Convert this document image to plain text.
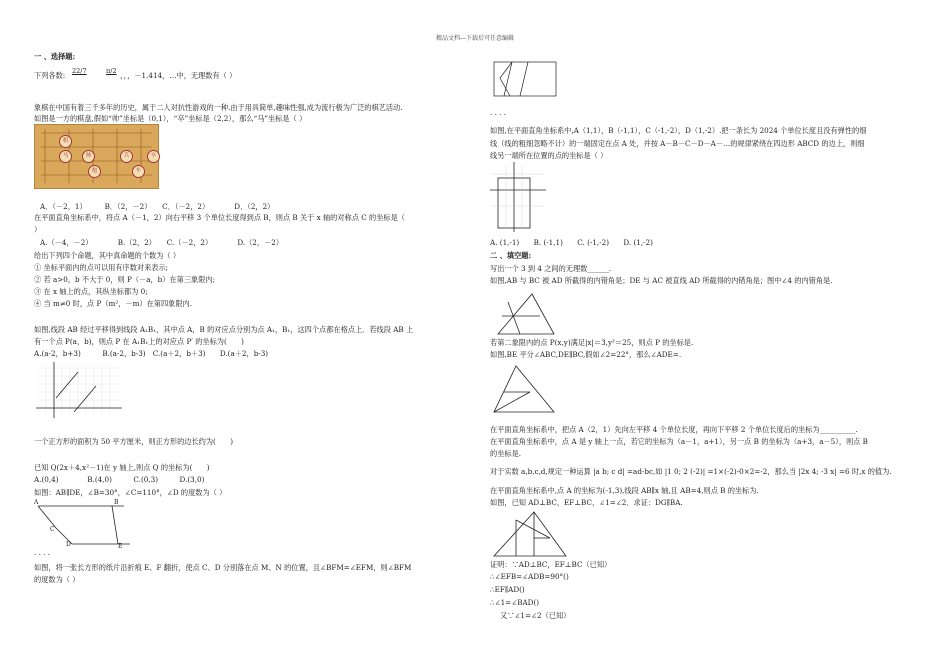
精品文档---下载后可任意编辑
一 、选择题:
下列各数: 22/7	π/2 ，，，－1.414，…中，无理数有（ ）
象棋在中国有着三千多年的历史，属于二人对抗性游戏的一种.由于用具简单,趣味性强,成为流行极为广泛的棋艺活动.
如图是一方的棋盘,假如“帅”坐标是（0,1），“卒”坐标是（2,2），那么“马”坐标是（ ）
相
马	帅	兵	卒
炮	车
A．（－2，1）　　　B．（2，－2）　　C．（－2，2）　　　　D．（2，2）
在平面直角坐标系中，将点 A（－1，2）向右平移 3 个单位长度得到点 B，则点 B 关于 x 轴的对称点 C 的坐标是（
）
A.（－4，－2）　　　　B.（2，2）　　C.（－2，2）　　　　D.（2，－2）
给出下列四个命题，其中真命题的个数为（ ）
① 坐标平面内的点可以用有序数对来表示;
② 若 a>0，b 不大于 0，则 P（－a，b）在第三象限内;
③ 在 x 轴上的点，其纵坐标都为 0;
④ 当 m≠0 时，点 P（m²，－m）在第四象限内.
如图,线段 AB 经过平移得到线段 A₁B₁，其中点 A，B 的对应点分别为点 A₁，B₁，这四个点都在格点上．若线段 AB 上
有一个点 P(a，b)，则点 P 在 A₁B₁上的对应点 P′ 的坐标为(　　)
A.(a-2，b+3)　　　B.(a-2，b-3)　C.(a＋2，b＋3)　　D.(a＋2，b-3)
一个正方形的面积为 50 平方厘米，则正方形的边长约为(　　)
已知 Q(2x＋4,x²－1)在 y 轴上,则点 Q 的坐标为(　　)
A.(0,4)　　　　B.(4,0)　　　C.(0,3)　　　D.(3,0)
如图：AB∥DE，∠B=30°，∠C=110°，∠D 的度数为（ ）
A	B
C
D	E
. . . .
如图，将一张长方形的纸片沿折痕 E、F 翻折，使点 C、D 分别落在点 M、N 的位置，且∠BFM=∠EFM，则∠BFM
的度数为（ ）
. . . .
如图,在平面直角坐标系中,A（1,1），B（-1,1），C（-1,-2），D（1,-2）.把一条长为 2024 个单位长度且没有弹性的细
线（线的粗细忽略不计）的一端固定在点 A 处，并按 A－B－C－D－A－…的规律紧绕在四边形 ABCD 的边上，则细
线另一端所在位置的点的坐标是（ ）
A. (1,-1)　　B. (-1,1)　　C. (-1,-2)　　D. (1,-2)
二 、填空题:
写出一个 3 到 4 之间的无理数______.
如图,AB 与 BC 被 AD 所截得的内错角是；DE 与 AC 被直线 AD 所截得的内错角是；图中∠4 的内错角是.
若第二象限内的点 P(x,y)满足|x|＝3,y²＝25，则点 P 的坐标是.
如图,BE 平分∠ABC,DE∥BC,假如∠2=22°，那么∠ADE=.
在平面直角坐标系中，把点 A（2，1）先向左平移 4 个单位长度，再向下平移 2 个单位长度后的坐标为__________.
在平面直角坐标系中，点 A 是 y 轴上一点，若它的坐标为（a－1，a+1），另一点 B 的坐标为（a+3，a－5），则点 B
的坐标是.
对于实数 a,b,c,d,规定一种运算 |a b; c d| =ad-bc,如 |1 0; 2 (-2)| =1×(-2)-0×2=-2，那么当 |2x 4; -3 x| =6 时,x 的值为.
在平面直角坐标系中,点 A 的坐标为(-1,3),线段 AB∥x 轴,且 AB=4,则点 B 的坐标为.
如图，已知 AD⊥BC，EF⊥BC，∠1=∠2．求证：DG∥BA.
证明：∵AD⊥BC，EF⊥BC（已知）
∴∠EFB=∠ADB=90°()
∴EF∥AD()
∴∠1=∠BAD()
又∵∠1=∠2（已知）
